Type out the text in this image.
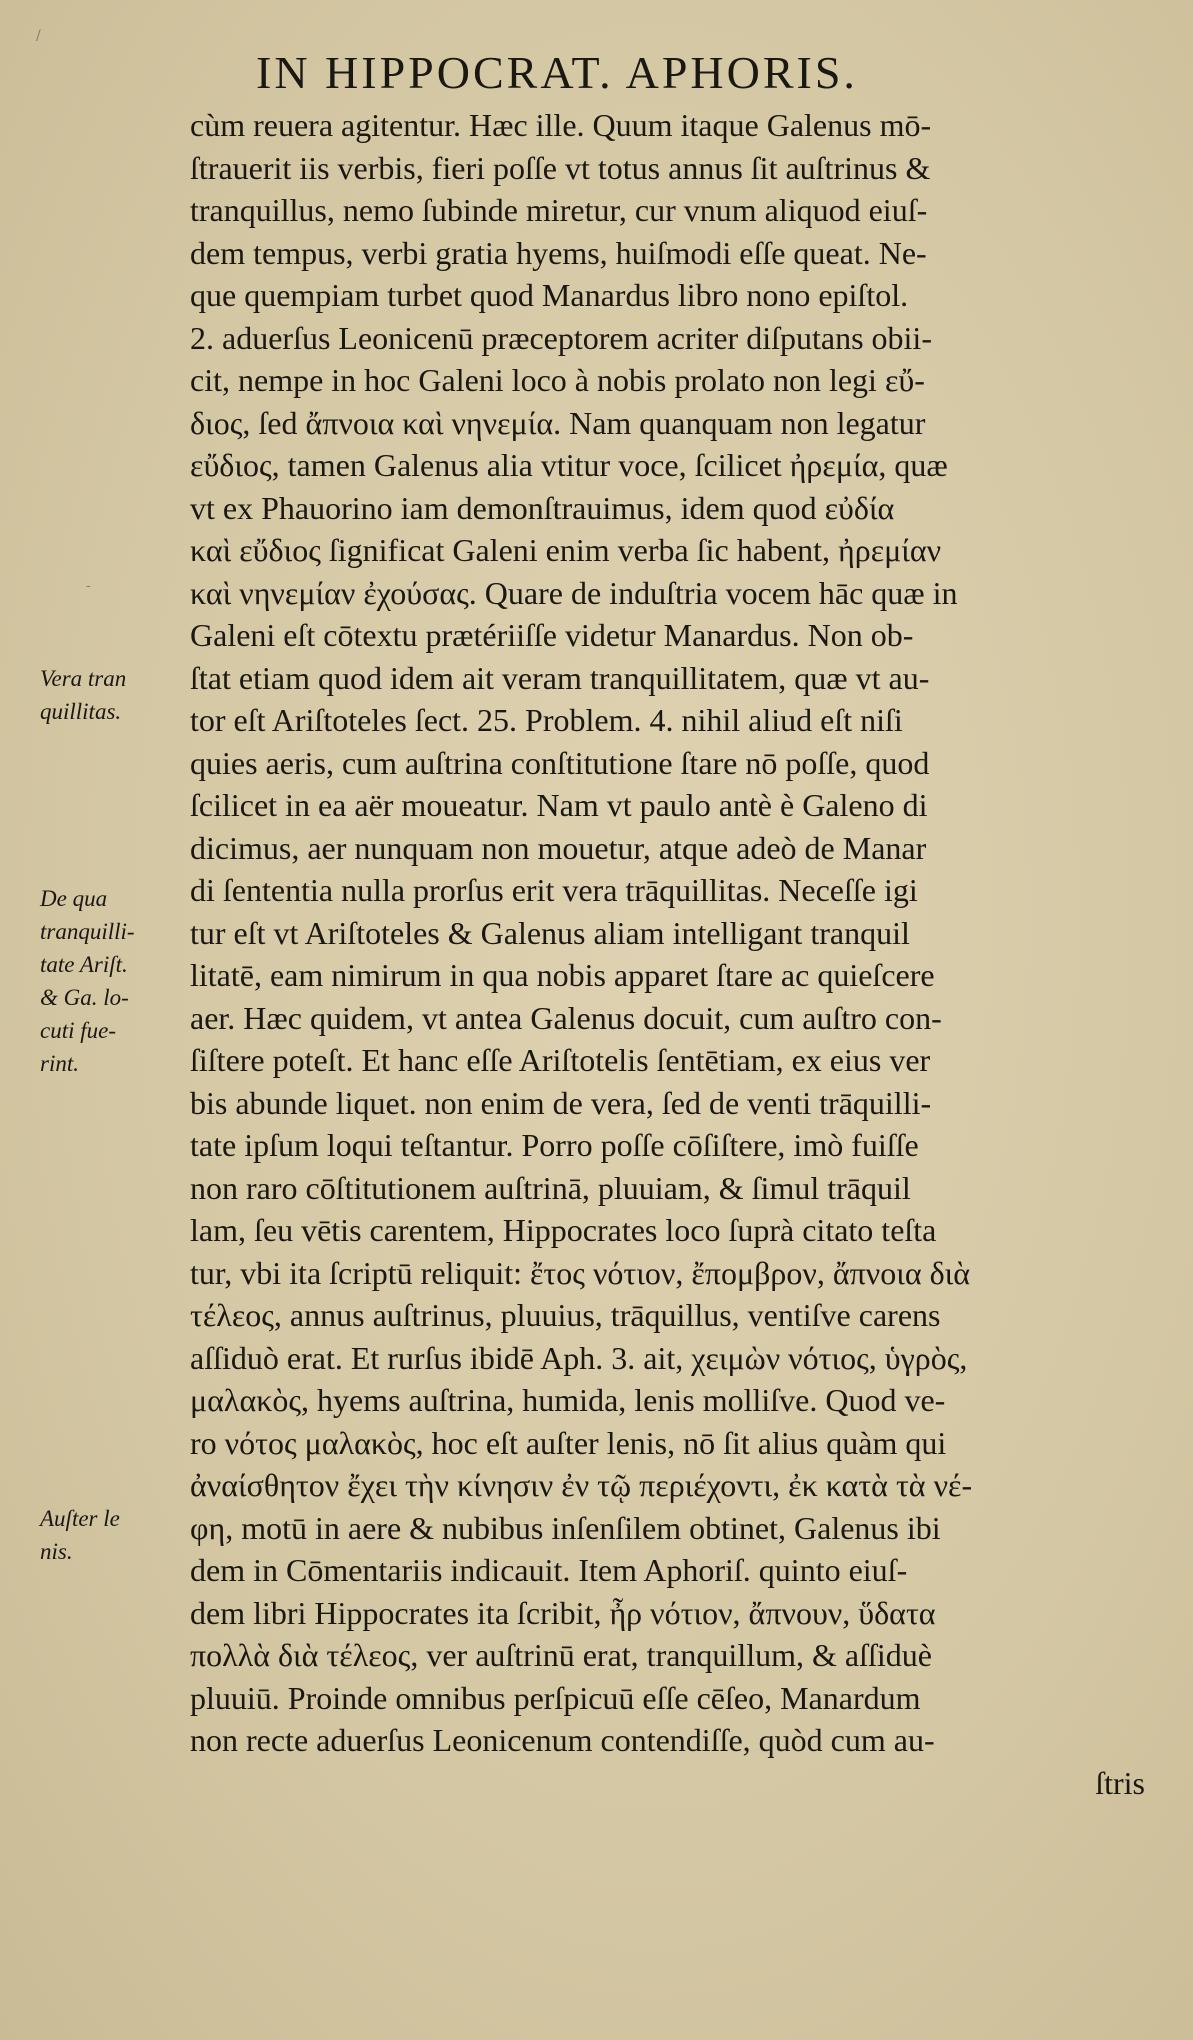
IN HIPPOCRAT. APHORIS.
cùm reuera agitentur. Hæc ille. Quum itaque Galenus mō-
ſtrauerit iis verbis, fieri poſſe vt totus annus ſit auſtrinus &
tranquillus, nemo ſubinde miretur, cur vnum aliquod eiuſ-
dem tempus, verbi gratia hyems, huiſmodi eſſe queat. Ne-
que quempiam turbet quod Manardus libro nono epiſtol.
2. aduerſus Leonicenū præceptorem acriter diſputans obii-
cit, nempe in hoc Galeni loco à nobis prolato non legi εὔ-
διος, ſed ἄπνοια καὶ νηνεμία. Nam quanquam non legatur
εὔδιος, tamen Galenus alia vtitur voce, ſcilicet ἠρεμία, quæ
vt ex Phauorino iam demonſtrauimus, idem quod εὐδία
καὶ εὔδιος ſignificat Galeni enim verba ſic habent, ἠρεμίαν
καὶ νηνεμίαν ἐχούσας. Quare de induſtria vocem hāc quæ in
Galeni eſt cōtextu prætériiſſe videtur Manardus. Non ob-
ſtat etiam quod idem ait veram tranquillitatem, quæ vt au-
tor eſt Ariſtoteles ſect. 25. Problem. 4. nihil aliud eſt niſi
quies aeris, cum auſtrina conſtitutione ſtare nō poſſe, quod
ſcilicet in ea aër moueatur. Nam vt paulo antè è Galeno di
dicimus, aer nunquam non mouetur, atque adeò de Manar
di ſententia nulla prorſus erit vera trāquillitas. Neceſſe igi
tur eſt vt Ariſtoteles & Galenus aliam intelligant tranquil
litatē, eam nimirum in qua nobis apparet ſtare ac quieſcere
aer. Hæc quidem, vt antea Galenus docuit, cum auſtro con-
ſiſtere poteſt. Et hanc eſſe Ariſtotelis ſentētiam, ex eius ver
bis abunde liquet. non enim de vera, ſed de venti trāquilli-
tate ipſum loqui teſtantur. Porro poſſe cōſiſtere, imò fuiſſe
non raro cōſtitutionem auſtrinā, pluuiam, & ſimul trāquil
lam, ſeu vētis carentem, Hippocrates loco ſuprà citato teſta
tur, vbi ita ſcriptū reliquit: ἔτος νότιον, ἔπομβρον, ἄπνοια διὰ
τέλεος, annus auſtrinus, pluuius, trāquillus, ventiſve carens
aſſiduò erat. Et rurſus ibidē Aph. 3. ait, χειμὼν νότιος, ὑγρὸς,
μαλακὸς, hyems auſtrina, humida, lenis molliſve. Quod ve-
ro νότος μαλακὸς, hoc eſt auſter lenis, nō ſit alius quàm qui
ἀναίσθητον ἔχει τὴν κίνησιν ἐν τῷ περιέχοντι, ἐκ κατὰ τὰ νέ-
φη, motū in aere & nubibus inſenſilem obtinet, Galenus ibi
dem in Cōmentariis indicauit. Item Aphoriſ. quinto eiuſ-
dem libri Hippocrates ita ſcribit, ἦρ νότιον, ἄπνουν, ὕδατα
πολλὰ διὰ τέλεος, ver auſtrinū erat, tranquillum, & aſſiduè
pluuiū. Proinde omnibus perſpicuū eſſe cēſeo, Manardum
non recte aduerſus Leonicenum contendiſſe, quòd cum au-
ſtris
Vera tran
quillitas.
De qua
tranquilli-
tate Ariſt.
& Ga. lo-
cuti fue-
rint.
Auſter le
nis.
/
-
